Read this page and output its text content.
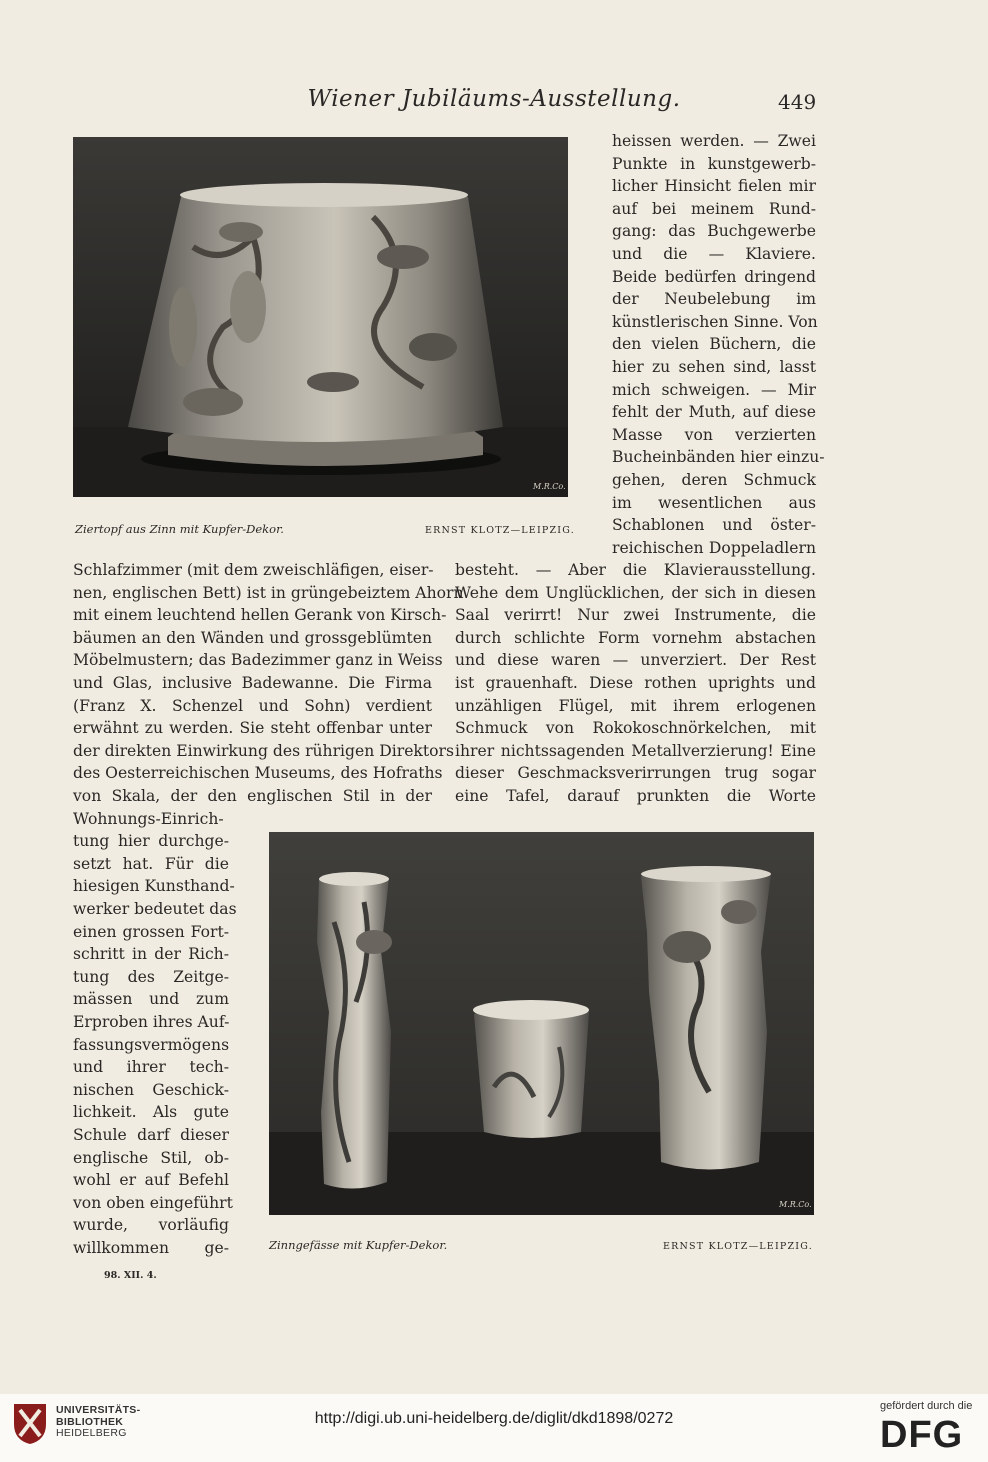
Wiener Jubiläums-Ausstellung.	449
M.R.Co.
Ziertopf aus Zinn mit Kupfer-Dekor.	ERNST KLOTZ—LEIPZIG.
heissen werden. — Zwei
Punkte in kunstgewerb-
licher Hinsicht fielen mir
auf bei meinem Rund-
gang: das Buchgewerbe
und die — Klaviere.
Beide bedürfen dringend
der Neubelebung im
künstlerischen Sinne. Von
den vielen Büchern, die
hier zu sehen sind, lasst
mich schweigen. — Mir
fehlt der Muth, auf diese
Masse von verzierten
Bucheinbänden hier einzu-
gehen, deren Schmuck
im wesentlichen aus
Schablonen und öster-
reichischen Doppeladlern
Schlafzimmer (mit dem zweischläfigen, eiser-
nen, englischen Bett) ist in grüngebeiztem Ahorn
mit einem leuchtend hellen Gerank von Kirsch-
bäumen an den Wänden und grossgeblümten
Möbelmustern; das Badezimmer ganz in Weiss
und Glas, inclusive Badewanne. Die Firma
(Franz X. Schenzel und Sohn) verdient
erwähnt zu werden. Sie steht offenbar unter
der direkten Einwirkung des rührigen Direktors
des Oesterreichischen Museums, des Hofraths
von Skala, der den englischen Stil in der
Wohnungs-Einrich-
besteht. — Aber die Klavierausstellung.
Wehe dem Unglücklichen, der sich in diesen
Saal verirrt! Nur zwei Instrumente, die
durch schlichte Form vornehm abstachen
und diese waren — unverziert. Der Rest
ist grauenhaft. Diese rothen uprights und
unzähligen Flügel, mit ihrem erlogenen
Schmuck von Rokokoschnörkelchen, mit
ihrer nichtssagenden Metallverzierung! Eine
dieser Geschmacksverirrungen trug sogar
eine Tafel, darauf prunkten die Worte
tung hier durchge-
setzt hat. Für die
hiesigen Kunsthand-
werker bedeutet das
einen grossen Fort-
schritt in der Rich-
tung des Zeitge-
mässen und zum
Erproben ihres Auf-
fassungsvermögens
und ihrer tech-
nischen Geschick-
lichkeit. Als gute
Schule darf dieser
englische Stil, ob-
wohl er auf Befehl
von oben eingeführt
wurde, vorläufig
willkommen ge-
M.R.Co.
Zinngefässe mit Kupfer-Dekor.	ERNST KLOTZ—LEIPZIG.
98. XII. 4.
UNIVERSITÄTS-
BIBLIOTHEK
HEIDELBERG
http://digi.ub.uni-heidelberg.de/diglit/dkd1898/0272
gefördert durch die
DFG
